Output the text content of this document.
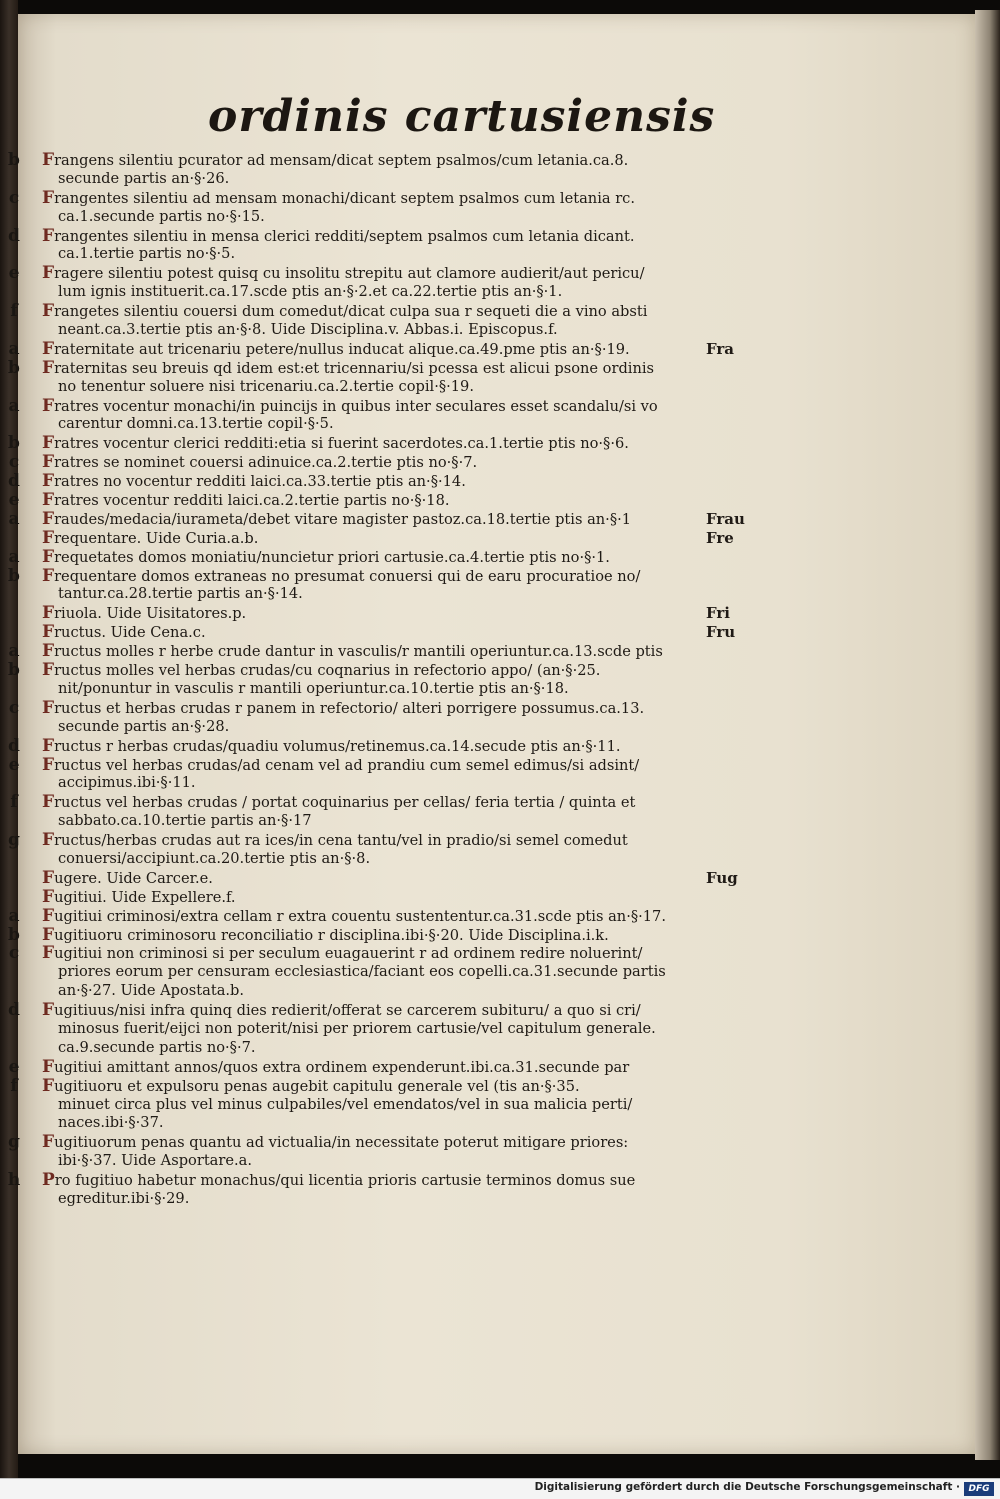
ordinis cartusiensis
b Frangens silentiu pcurator ad mensam/dicat septem psalmos/cum letania.ca.8.
secunde partis an·§·26.
c Frangentes silentiu ad mensam monachi/dicant septem psalmos cum letania rc.
ca.1.secunde partis no·§·15.
d Frangentes silentiu in mensa clerici redditi/septem psalmos cum letania dicant.
ca.1.tertie partis no·§·5.
e Fragere silentiu potest quisq cu insolitu strepitu aut clamore audierit/aut pericu/
lum ignis instituerit.ca.17.scde ptis an·§·2.et ca.22.tertie ptis an·§·1.
f	Frangetes silentiu couersi dum comedut/dicat culpa sua r sequeti die a vino absti
neant.ca.3.tertie ptis an·§·8. Uide Disciplina.v. Abbas.i. Episcopus.f.
a Fraternitate aut tricenariu petere/nullus inducat alique.ca.49.pme ptis an·§·19.	Fra
b Fraternitas seu breuis qd idem est:et tricennariu/si pcessa est alicui psone ordinis
no tenentur soluere nisi tricenariu.ca.2.tertie copil·§·19.
a Fratres vocentur monachi/in puincijs in quibus inter seculares esset scandalu/si vo
carentur domni.ca.13.tertie copil·§·5.
b Fratres vocentur clerici redditi:etia si fuerint sacerdotes.ca.1.tertie ptis no·§·6.
c Fratres se nominet couersi adinuice.ca.2.tertie ptis no·§·7.
d Fratres no vocentur redditi laici.ca.33.tertie ptis an·§·14.
e Fratres vocentur redditi laici.ca.2.tertie partis no·§·18.
a Fraudes/medacia/iurameta/debet vitare magister pastoz.ca.18.tertie ptis an·§·1	Frau
Frequentare. Uide Curia.a.b.	Fre
a Frequetates domos moniatiu/nuncietur priori cartusie.ca.4.tertie ptis no·§·1.
b Frequentare domos extraneas no presumat conuersi qui de earu procuratioe no/
tantur.ca.28.tertie partis an·§·14.
Friuola. Uide Uisitatores.p.	Fri
Fructus. Uide Cena.c.	Fru
a Fructus molles r herbe crude dantur in vasculis/r mantili operiuntur.ca.13.scde ptis
b Fructus molles vel herbas crudas/cu coqnarius in refectorio appo/ (an·§·25.
nit/ponuntur in vasculis r mantili operiuntur.ca.10.tertie ptis an·§·18.
c Fructus et herbas crudas r panem in refectorio/ alteri porrigere possumus.ca.13.
secunde partis an·§·28.
d Fructus r herbas crudas/quadiu volumus/retinemus.ca.14.secude ptis an·§·11.
e Fructus vel herbas crudas/ad cenam vel ad prandiu cum semel edimus/si adsint/
accipimus.ibi·§·11.
f	Fructus vel herbas crudas / portat coquinarius per cellas/ feria tertia / quinta et
sabbato.ca.10.tertie partis an·§·17
g Fructus/herbas crudas aut ra ices/in cena tantu/vel in pradio/si semel comedut
conuersi/accipiunt.ca.20.tertie ptis an·§·8.
Fugere. Uide Carcer.e.	Fug
Fugitiui. Uide Expellere.f.
a Fugitiui criminosi/extra cellam r extra couentu sustententur.ca.31.scde ptis an·§·17.
b Fugitiuoru criminosoru reconciliatio r disciplina.ibi·§·20. Uide Disciplina.i.k.
c Fugitiui non criminosi si per seculum euagauerint r ad ordinem redire noluerint/
priores eorum per censuram ecclesiastica/faciant eos copelli.ca.31.secunde partis
an·§·27. Uide Apostata.b.
d Fugitiuus/nisi infra quinq dies redierit/offerat se carcerem subituru/ a quo si cri/
minosus fuerit/eijci non poterit/nisi per priorem cartusie/vel capitulum generale.
ca.9.secunde partis no·§·7.
e Fugitiui amittant annos/quos extra ordinem expenderunt.ibi.ca.31.secunde par
f	Fugitiuoru et expulsoru penas augebit capitulu generale vel (tis an·§·35.
minuet circa plus vel minus culpabiles/vel emendatos/vel in sua malicia perti/
naces.ibi·§·37.
g Fugitiuorum penas quantu ad victualia/in necessitate poterut mitigare priores:
ibi·§·37. Uide Asportare.a.
h Pro fugitiuo habetur monachus/qui licentia prioris cartusie terminos domus sue
egreditur.ibi·§·29.
Digitalisierung gefördert durch die Deutsche Forschungsgemeinschaft · DFG
